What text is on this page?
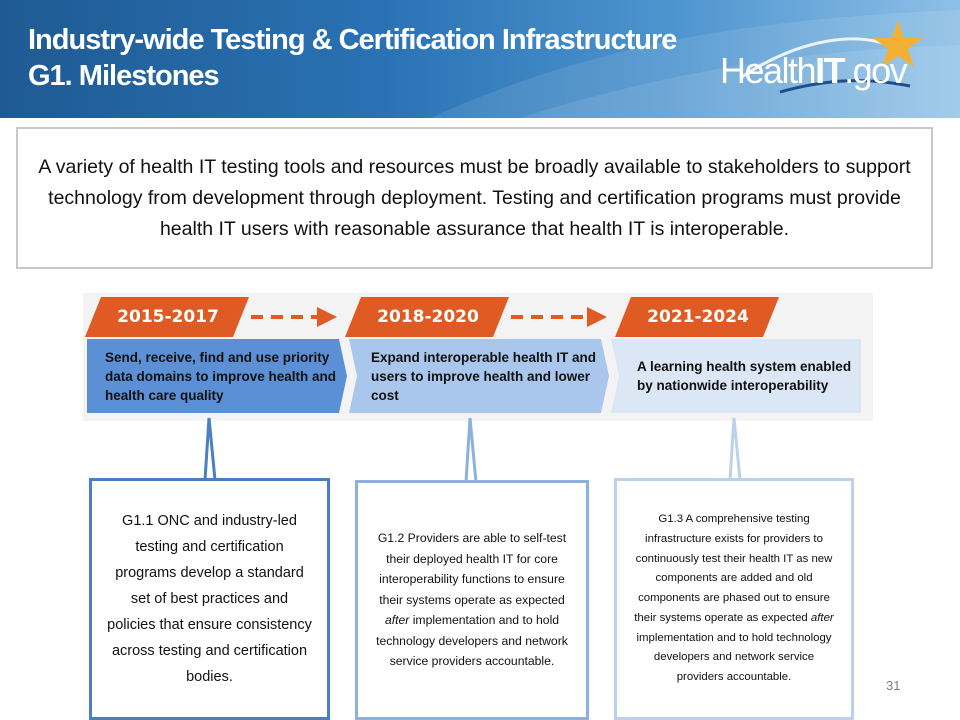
Industry-wide Testing & Certification Infrastructure
G1. Milestones	HealthIT.gov
A variety of health IT testing tools and resources must be broadly available to stakeholders to support technology from development through deployment. Testing and certification programs must provide health IT users with reasonable assurance that health IT is interoperable.
2015-2017	2018-2020	2021-2024
Send, receive, find and use priority data domains to improve health and health care quality
Expand interoperable health IT and users to improve health and lower cost
A learning health system enabled by nationwide interoperability
G1.1 ONC and industry-led testing and certification programs develop a standard set of best practices and policies that ensure consistency across testing and certification bodies.
G1.2 Providers are able to self-test their deployed health IT for core interoperability functions to ensure their systems operate as expected after implementation and to hold technology developers and network service providers accountable.
G1.3 A comprehensive testing infrastructure exists for providers to continuously test their health IT as new components are added and old components are phased out to ensure their systems operate as expected after implementation and to hold technology developers and network service providers accountable.
31
